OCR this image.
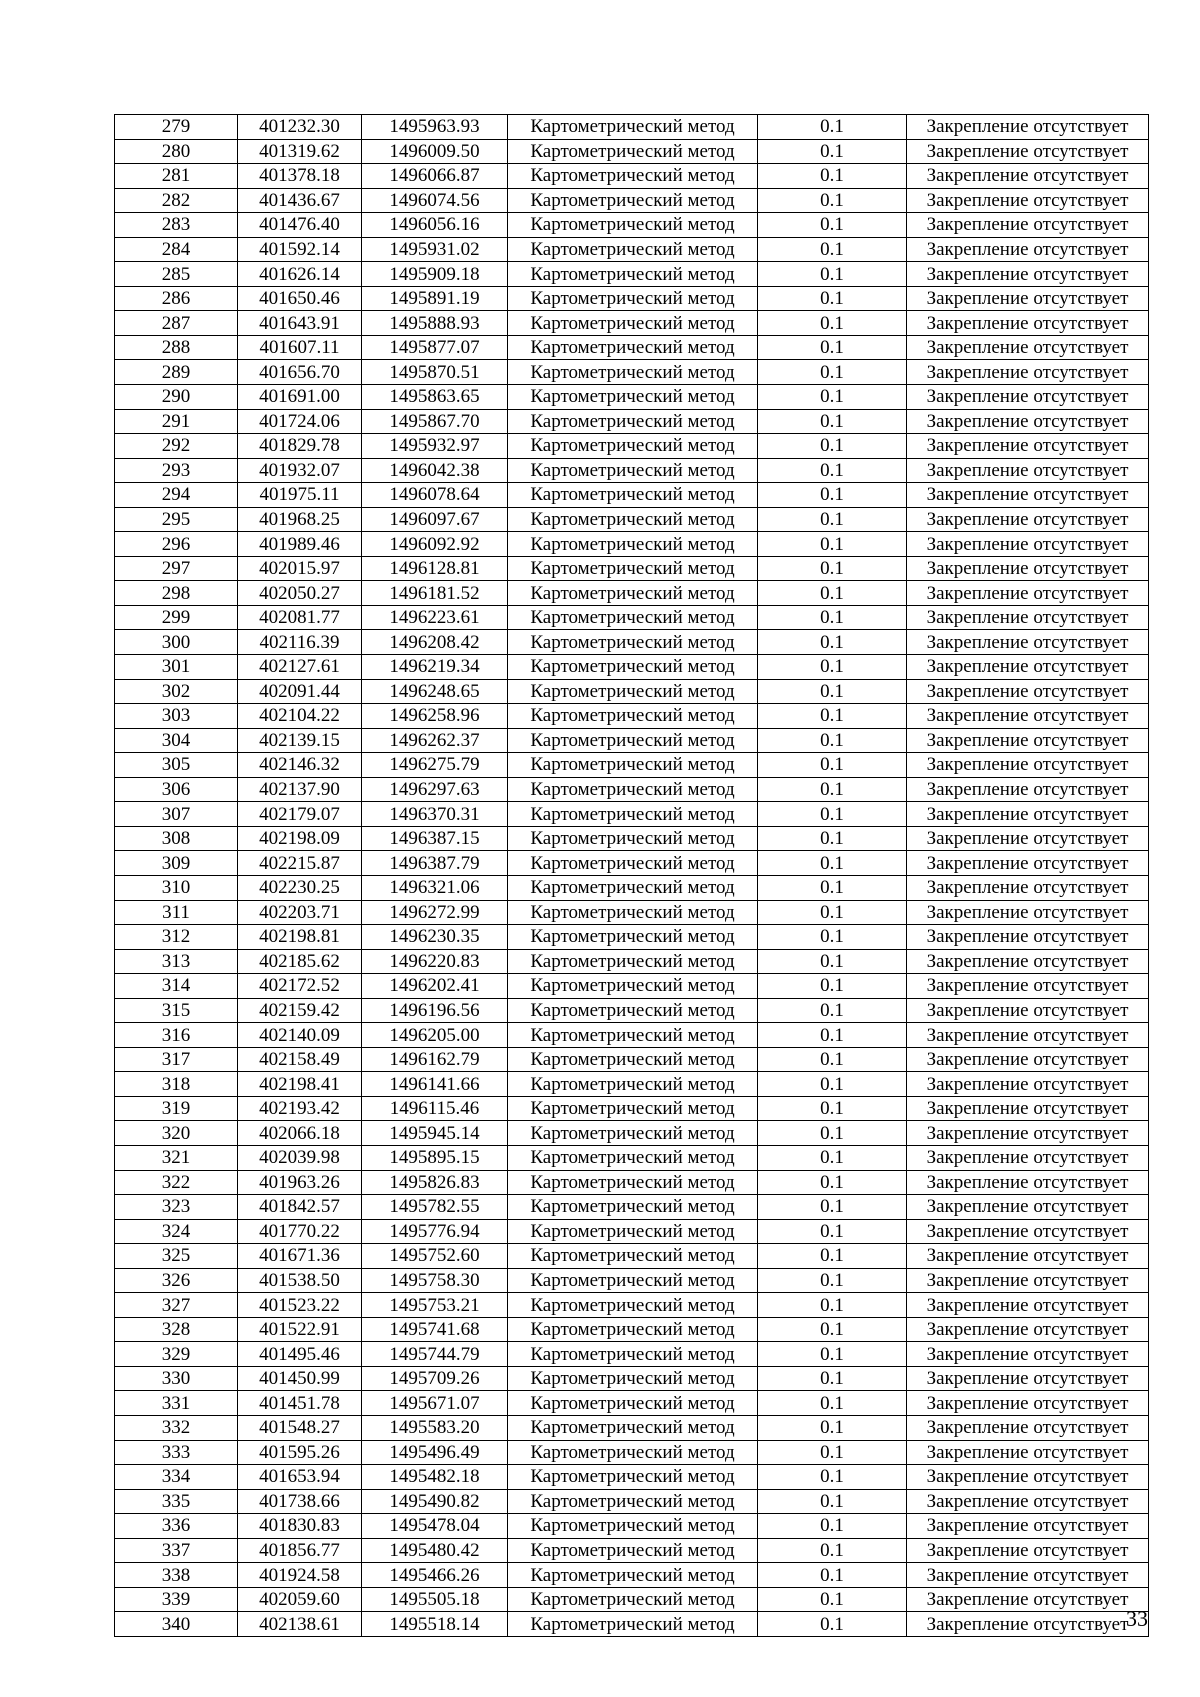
279	401232.30	1495963.93	Картометрический метод	0.1	Закрепление отсутствует
280	401319.62	1496009.50	Картометрический метод	0.1	Закрепление отсутствует
281	401378.18	1496066.87	Картометрический метод	0.1	Закрепление отсутствует
282	401436.67	1496074.56	Картометрический метод	0.1	Закрепление отсутствует
283	401476.40	1496056.16	Картометрический метод	0.1	Закрепление отсутствует
284	401592.14	1495931.02	Картометрический метод	0.1	Закрепление отсутствует
285	401626.14	1495909.18	Картометрический метод	0.1	Закрепление отсутствует
286	401650.46	1495891.19	Картометрический метод	0.1	Закрепление отсутствует
287	401643.91	1495888.93	Картометрический метод	0.1	Закрепление отсутствует
288	401607.11	1495877.07	Картометрический метод	0.1	Закрепление отсутствует
289	401656.70	1495870.51	Картометрический метод	0.1	Закрепление отсутствует
290	401691.00	1495863.65	Картометрический метод	0.1	Закрепление отсутствует
291	401724.06	1495867.70	Картометрический метод	0.1	Закрепление отсутствует
292	401829.78	1495932.97	Картометрический метод	0.1	Закрепление отсутствует
293	401932.07	1496042.38	Картометрический метод	0.1	Закрепление отсутствует
294	401975.11	1496078.64	Картометрический метод	0.1	Закрепление отсутствует
295	401968.25	1496097.67	Картометрический метод	0.1	Закрепление отсутствует
296	401989.46	1496092.92	Картометрический метод	0.1	Закрепление отсутствует
297	402015.97	1496128.81	Картометрический метод	0.1	Закрепление отсутствует
298	402050.27	1496181.52	Картометрический метод	0.1	Закрепление отсутствует
299	402081.77	1496223.61	Картометрический метод	0.1	Закрепление отсутствует
300	402116.39	1496208.42	Картометрический метод	0.1	Закрепление отсутствует
301	402127.61	1496219.34	Картометрический метод	0.1	Закрепление отсутствует
302	402091.44	1496248.65	Картометрический метод	0.1	Закрепление отсутствует
303	402104.22	1496258.96	Картометрический метод	0.1	Закрепление отсутствует
304	402139.15	1496262.37	Картометрический метод	0.1	Закрепление отсутствует
305	402146.32	1496275.79	Картометрический метод	0.1	Закрепление отсутствует
306	402137.90	1496297.63	Картометрический метод	0.1	Закрепление отсутствует
307	402179.07	1496370.31	Картометрический метод	0.1	Закрепление отсутствует
308	402198.09	1496387.15	Картометрический метод	0.1	Закрепление отсутствует
309	402215.87	1496387.79	Картометрический метод	0.1	Закрепление отсутствует
310	402230.25	1496321.06	Картометрический метод	0.1	Закрепление отсутствует
311	402203.71	1496272.99	Картометрический метод	0.1	Закрепление отсутствует
312	402198.81	1496230.35	Картометрический метод	0.1	Закрепление отсутствует
313	402185.62	1496220.83	Картометрический метод	0.1	Закрепление отсутствует
314	402172.52	1496202.41	Картометрический метод	0.1	Закрепление отсутствует
315	402159.42	1496196.56	Картометрический метод	0.1	Закрепление отсутствует
316	402140.09	1496205.00	Картометрический метод	0.1	Закрепление отсутствует
317	402158.49	1496162.79	Картометрический метод	0.1	Закрепление отсутствует
318	402198.41	1496141.66	Картометрический метод	0.1	Закрепление отсутствует
319	402193.42	1496115.46	Картометрический метод	0.1	Закрепление отсутствует
320	402066.18	1495945.14	Картометрический метод	0.1	Закрепление отсутствует
321	402039.98	1495895.15	Картометрический метод	0.1	Закрепление отсутствует
322	401963.26	1495826.83	Картометрический метод	0.1	Закрепление отсутствует
323	401842.57	1495782.55	Картометрический метод	0.1	Закрепление отсутствует
324	401770.22	1495776.94	Картометрический метод	0.1	Закрепление отсутствует
325	401671.36	1495752.60	Картометрический метод	0.1	Закрепление отсутствует
326	401538.50	1495758.30	Картометрический метод	0.1	Закрепление отсутствует
327	401523.22	1495753.21	Картометрический метод	0.1	Закрепление отсутствует
328	401522.91	1495741.68	Картометрический метод	0.1	Закрепление отсутствует
329	401495.46	1495744.79	Картометрический метод	0.1	Закрепление отсутствует
330	401450.99	1495709.26	Картометрический метод	0.1	Закрепление отсутствует
331	401451.78	1495671.07	Картометрический метод	0.1	Закрепление отсутствует
332	401548.27	1495583.20	Картометрический метод	0.1	Закрепление отсутствует
333	401595.26	1495496.49	Картометрический метод	0.1	Закрепление отсутствует
334	401653.94	1495482.18	Картометрический метод	0.1	Закрепление отсутствует
335	401738.66	1495490.82	Картометрический метод	0.1	Закрепление отсутствует
336	401830.83	1495478.04	Картометрический метод	0.1	Закрепление отсутствует
337	401856.77	1495480.42	Картометрический метод	0.1	Закрепление отсутствует
338	401924.58	1495466.26	Картометрический метод	0.1	Закрепление отсутствует
339	402059.60	1495505.18	Картометрический метод	0.1	Закрепление отсутствует
340	402138.61	1495518.14	Картометрический метод	0.1	Закрепление отсутствует
33
